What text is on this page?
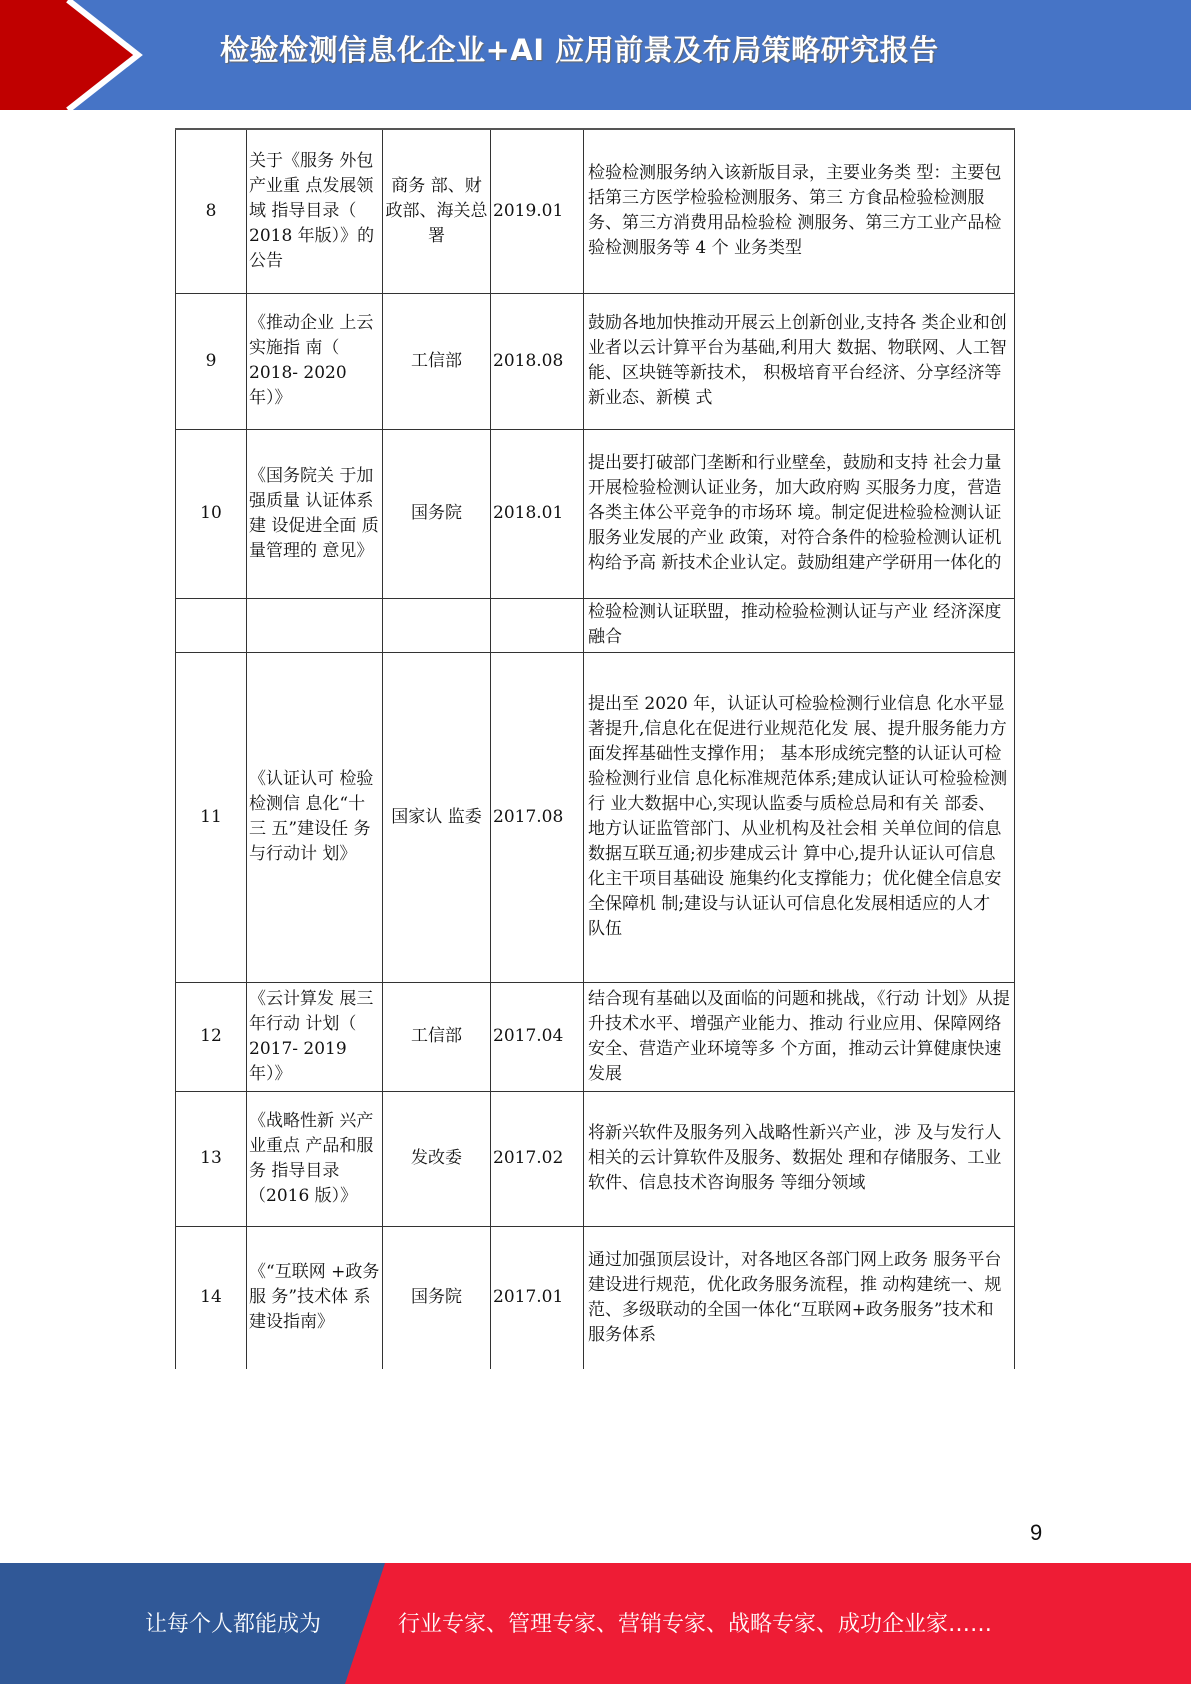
检验检测信息化企业+AI 应用前景及布局策略研究报告
8	关于《服务 外包产业重 点发展领域 指导目录（ 2018 年版）》的公告	商务 部、财 政部、海关总 署	2019.01	检验检测服务纳入该新版目录，主要业务类 型：主要包括第三方医学检验检测服务、第三 方食品检验检测服务、第三方消费用品检验检 测服务、第三方工业产品检验检测服务等 4 个 业务类型
9	《推动企业 上云实施指 南（ 2018- 2020 年）》	工信部	2018.08	鼓励各地加快推动开展云上创新创业,支持各 类企业和创业者以云计算平台为基础,利用大 数据、物联网、人工智能、区块链等新技术， 积极培育平台经济、分享经济等新业态、新模 式
10	《国务院关 于加强质量 认证体系建 设促进全面 质量管理的 意见》	国务院	2018.01	提出要打破部门垄断和行业壁垒，鼓励和支持 社会力量开展检验检测认证业务，加大政府购 买服务力度，营造各类主体公平竞争的市场环 境。制定促进检验检测认证服务业发展的产业 政策，对符合条件的检验检测认证机构给予高 新技术企业认定。鼓励组建产学研用一体化的
				检验检测认证联盟，推动检验检测认证与产业 经济深度融合
11	《认证认可 检验检测信 息化“十三 五”建设任 务与行动计 划》	国家认 监委	2017.08	提出至 2020 年，认证认可检验检测行业信息 化水平显著提升,信息化在促进行业规范化发 展、提升服务能力方面发挥基础性支撑作用； 基本形成统完整的认证认可检验检测行业信 息化标准规范体系;建成认证认可检验检测行 业大数据中心,实现认监委与质检总局和有关 部委、地方认证监管部门、从业机构及社会相 关单位间的信息数据互联互通;初步建成云计 算中心,提升认证认可信息化主干项目基础设 施集约化支撑能力；优化健全信息安全保障机 制;建设与认证认可信息化发展相适应的人才 队伍
12	《云计算发 展三年行动 计划（ 2017- 2019 年）》	工信部	2017.04	结合现有基础以及面临的问题和挑战，《行动 计划》从提升技术水平、增强产业能力、推动 行业应用、保障网络安全、营造产业环境等多 个方面，推动云计算健康快速发展
13	《战略性新 兴产业重点 产品和服务 指导目录（2016 版）》	发改委	2017.02	将新兴软件及服务列入战略性新兴产业，涉 及与发行人相关的云计算软件及服务、数据处 理和存储服务、工业软件、信息技术咨询服务 等细分领域
14	《“互联网 +政务服 务”技术体 系建设指南》	国务院	2017.01	通过加强顶层设计，对各地区各部门网上政务 服务平台建设进行规范，优化政务服务流程，推 动构建统一、规范、多级联动的全国一体化“互联网+政务服务”技术和服务体系
9
让每个人都能成为	行业专家、管理专家、营销专家、战略专家、成功企业家……
